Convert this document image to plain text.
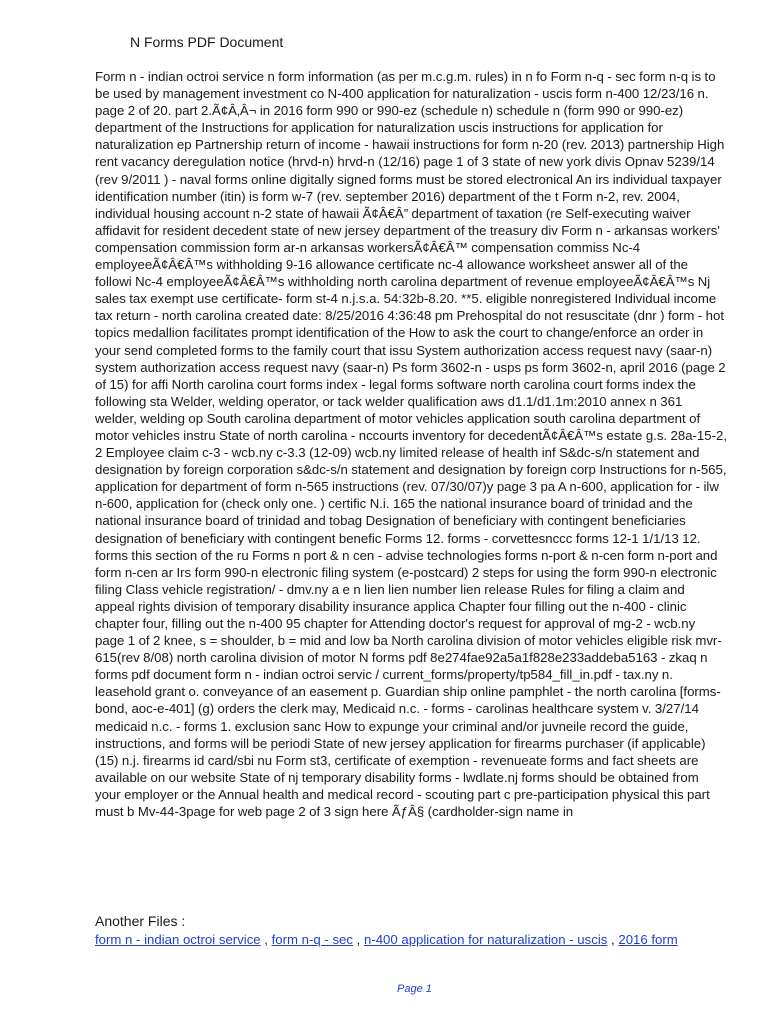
N Forms PDF Document

Form n - indian octroi service n form information (as per m.c.g.m. rules) in n fo Form n-q - sec form n-q is to be used by management investment co N-400 application for naturalization - uscis form n-400 12/23/16 n. page 2 of 20. part 2.Ã¢Â‚Â¬ in 2016 form 990 or 990-ez (schedule n) schedule n (form 990 or 990-ez) department of the Instructions for application for naturalization uscis instructions for application for naturalization ep Partnership return of income - hawaii instructions for form n-20 (rev. 2013) partnership High rent vacancy deregulation notice (hrvd-n) hrvd-n (12/16) page 1 of 3 state of new york divis Opnav 5239/14 (rev 9/2011 ) - naval forms online digitally signed forms must be stored electronical An irs individual taxpayer identification number (itin) is form w-7 (rev. september 2016) department of the t Form n-2, rev. 2004, individual housing account n-2 state of hawaii Ã¢Â€Â” department of taxation (re Self-executing waiver affidavit for resident decedent state of new jersey department of the treasury div Form n - arkansas workers' compensation commission form ar-n arkansas workersÃ¢Â€Â™ compensation commiss Nc-4 employeeÃ¢Â€Â™s withholding 9-16 allowance certificate nc-4 allowance worksheet answer all of the followi Nc-4 employeeÃ¢Â€Â™s withholding north carolina department of revenue employeeÃ¢Â€Â™s Nj sales tax exempt use certificate- form st-4 n.j.s.a. 54:32b-8.20. **5. eligible nonregistered Individual income tax return - north carolina created date: 8/25/2016 4:36:48 pm Prehospital do not resuscitate (dnr ) form - hot topics medallion facilitates prompt identification of the How to ask the court to change/enforce an order in your send completed forms to the family court that issu System authorization access request navy (saar-n) system authorization access request navy (saar-n) Ps form 3602-n - usps ps form 3602-n, april 2016 (page 2 of 15) for affi North carolina court forms index - legal forms software north carolina court forms index the following sta Welder, welding operator, or tack welder qualification aws d1.1/d1.1m:2010 annex n 361 welder, welding op South carolina department of motor vehicles application south carolina department of motor vehicles instru State of north carolina - nccourts inventory for decedentÃ¢Â€Â™s estate g.s. 28a-15-2, 2 Employee claim c-3 - wcb.ny c-3.3 (12-09) wcb.ny limited release of health inf S&dc-s/n statement and designation by foreign corporation s&dc-s/n statement and designation by foreign corp Instructions for n-565, application for department of form n-565 instructions (rev. 07/30/07)y page 3 pa A n-600, application for - ilw n-600, application for (check only one. ) certific N.i. 165 the national insurance board of trinidad and the national insurance board of trinidad and tobag Designation of beneficiary with contingent beneficiaries designation of beneficiary with contingent benefic Forms 12. forms - corvettesnccc forms 12-1 1/1/13 12. forms this section of the ru Forms n port & n cen - advise technologies forms n-port & n-cen form n-port and form n-cen ar Irs form 990-n electronic filing system (e-postcard) 2 steps for using the form 990-n electronic filing Class vehicle registration/ - dmv.ny a e n lien lien number lien release Rules for filing a claim and appeal rights division of temporary disability insurance applica Chapter four filling out the n-400 - clinic chapter four, filling out the n-400 95 chapter for Attending doctor's request for approval of mg-2 - wcb.ny page 1 of 2 knee, s = shoulder, b = mid and low ba North carolina division of motor vehicles eligible risk mvr-615(rev 8/08) north carolina division of motor N forms pdf 8e274fae92a5a1f828e233addeba5163 - zkaq n forms pdf document form n - indian octroi servic / current_forms/property/tp584_fill_in.pdf - tax.ny n. leasehold grant o. conveyance of an easement p. Guardian ship online pamphlet - the north carolina [forms-bond, aoc-e-401] (g) orders the clerk may, Medicaid n.c. - forms - carolinas healthcare system v. 3/27/14 medicaid n.c. - forms 1. exclusion sanc How to expunge your criminal and/or juvneile record the guide, instructions, and forms will be periodi State of new jersey application for firearms purchaser (if applicable) (15) n.j. firearms id card/sbi nu Form st3, certificate of exemption - revenueate forms and fact sheets are available on our website State of nj temporary disability forms - lwdlate.nj forms should be obtained from your employer or the Annual health and medical record - scouting part c pre-participation physical this part must b Mv-44-3page for web page 2 of 3 sign here ÃƒÂ§ (cardholder-sign name in

Another Files :
form n - indian octroi service , form n-q - sec , n-400 application for naturalization - uscis , 2016 form
Page 1
